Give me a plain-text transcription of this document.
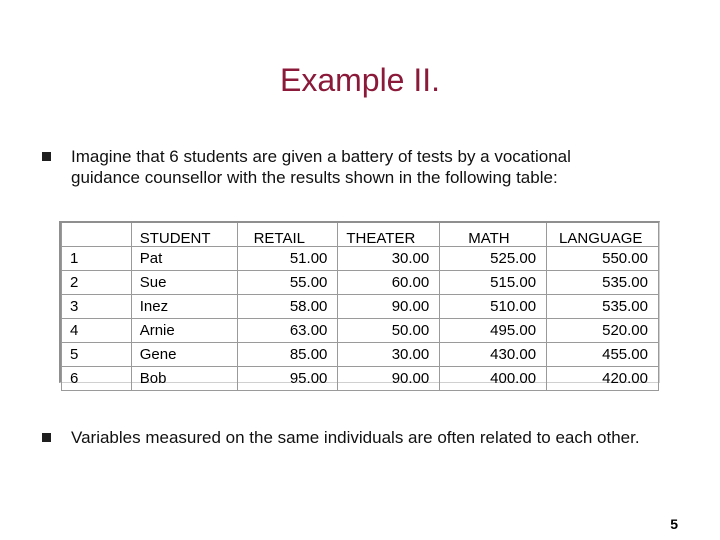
Example II.
Imagine that 6 students are given a battery of tests by a vocational guidance counsellor with the results shown in the following table:
	STUDENT	RETAIL	THEATER	MATH	LANGUAGE
1	Pat	51.00	30.00	525.00	550.00
2	Sue	55.00	60.00	515.00	535.00
3	Inez	58.00	90.00	510.00	535.00
4	Arnie	63.00	50.00	495.00	520.00
5	Gene	85.00	30.00	430.00	455.00
6	Bob	95.00	90.00	400.00	420.00
Variables measured on the same individuals are often related to each other.
5
